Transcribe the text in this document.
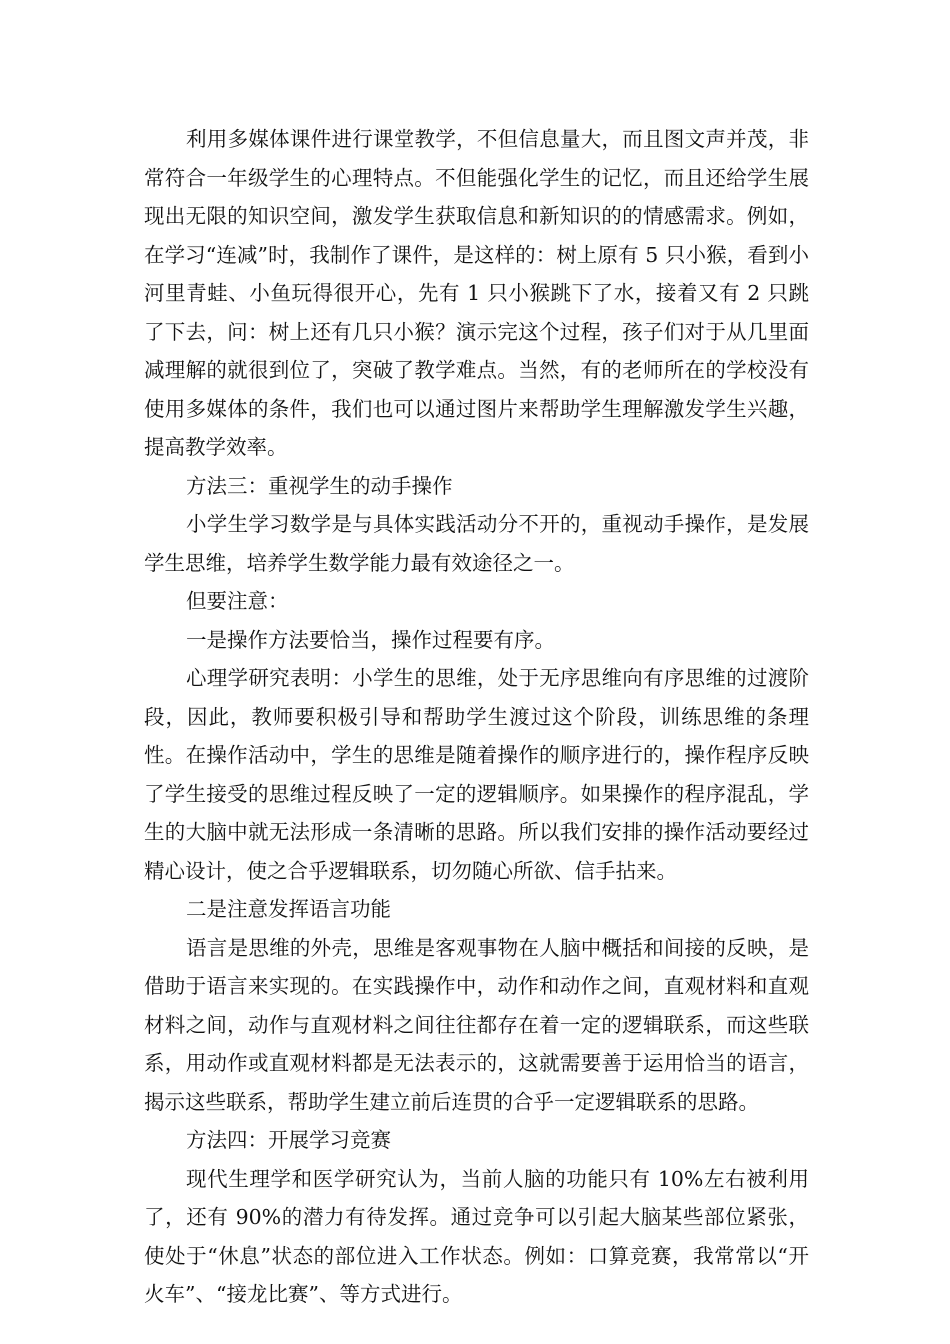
利用多媒体课件进行课堂教学，不但信息量大，而且图文声并茂，非常符合一年级学生的心理特点。不但能强化学生的记忆，而且还给学生展现出无限的知识空间，激发学生获取信息和新知识的的情感需求。例如，在学习“连减”时，我制作了课件，是这样的：树上原有 5 只小猴，看到小河里青蛙、小鱼玩得很开心，先有 1 只小猴跳下了水，接着又有 2 只跳了下去，问：树上还有几只小猴？演示完这个过程，孩子们对于从几里面减理解的就很到位了，突破了教学难点。当然，有的老师所在的学校没有使用多媒体的条件，我们也可以通过图片来帮助学生理解激发学生兴趣，提高教学效率。

方法三：重视学生的动手操作

小学生学习数学是与具体实践活动分不开的，重视动手操作，是发展学生思维，培养学生数学能力最有效途径之一。

但要注意：

一是操作方法要恰当，操作过程要有序。

心理学研究表明：小学生的思维，处于无序思维向有序思维的过渡阶段，因此，教师要积极引导和帮助学生渡过这个阶段，训练思维的条理性。在操作活动中，学生的思维是随着操作的顺序进行的，操作程序反映了学生接受的思维过程反映了一定的逻辑顺序。如果操作的程序混乱，学生的大脑中就无法形成一条清晰的思路。所以我们安排的操作活动要经过精心设计，使之合乎逻辑联系，切勿随心所欲、信手拈来。

二是注意发挥语言功能

语言是思维的外壳，思维是客观事物在人脑中概括和间接的反映，是借助于语言来实现的。在实践操作中，动作和动作之间，直观材料和直观材料之间，动作与直观材料之间往往都存在着一定的逻辑联系，而这些联系，用动作或直观材料都是无法表示的，这就需要善于运用恰当的语言，揭示这些联系，帮助学生建立前后连贯的合乎一定逻辑联系的思路。

方法四：开展学习竞赛

现代生理学和医学研究认为，当前人脑的功能只有 10%左右被利用了，还有 90%的潜力有待发挥。通过竞争可以引起大脑某些部位紧张，使处于“休息”状态的部位进入工作状态。例如：口算竞赛，我常常以“开火车”、“接龙比赛”、等方式进行。
